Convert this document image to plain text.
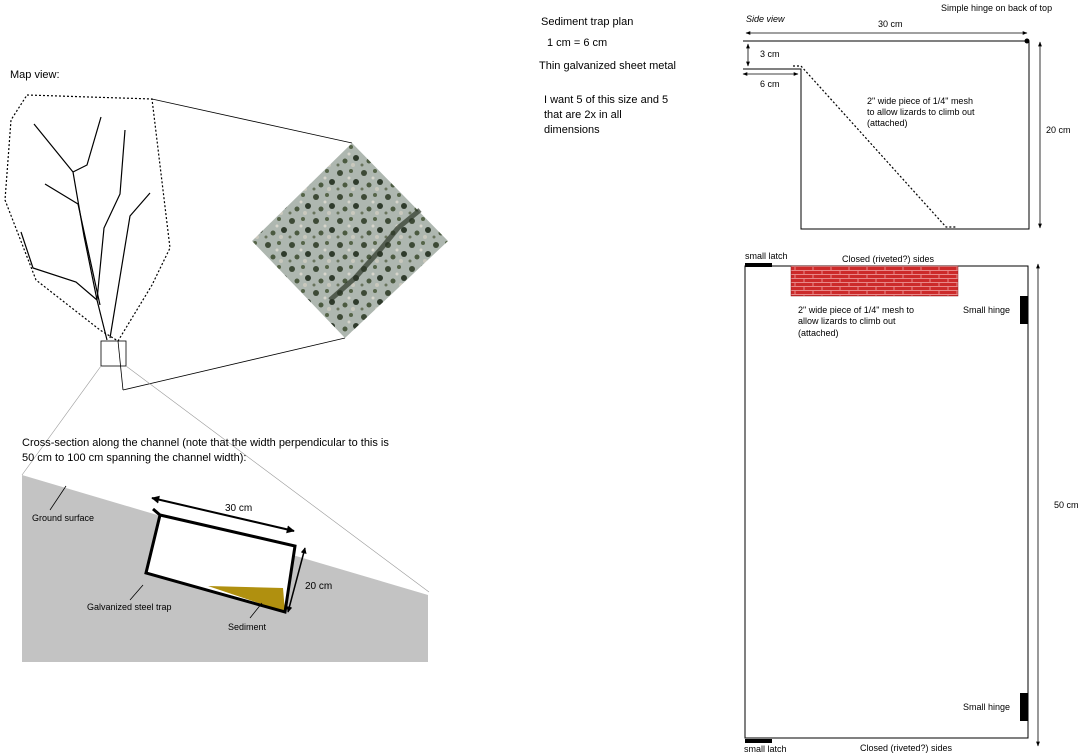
Map view:
Cross-section along the channel (note that the width perpendicular to this is
50 cm to 100 cm spanning the channel width):
Ground surface
30 cm
20 cm
Galvanized steel trap
Sediment
Sediment trap plan
1 cm = 6 cm
Thin galvanized sheet metal
I want 5 of this size and 5
that are 2x in all
dimensions
Side view
Simple hinge on back of top
30 cm
3 cm
6 cm
2" wide piece of 1/4" mesh
to allow lizards to climb out
(attached)
20 cm
small latch
small latch
Closed (riveted?) sides
Closed (riveted?) sides
2" wide piece of 1/4" mesh to
allow lizards to climb out
(attached)
Small hinge
Small hinge
50 cm
